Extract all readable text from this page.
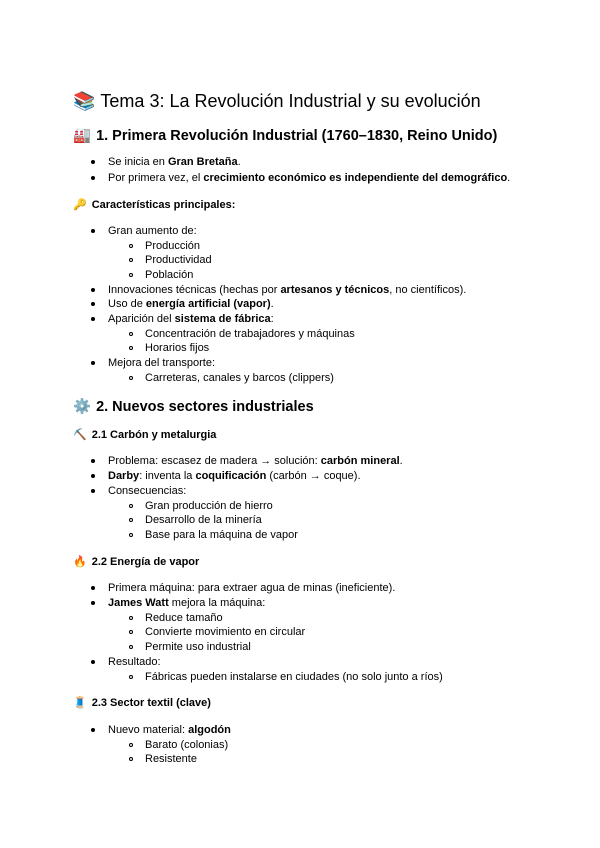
📚 Tema 3: La Revolución Industrial y su evolución
🏭 1. Primera Revolución Industrial (1760–1830, Reino Unido)
Se inicia en Gran Bretaña.
Por primera vez, el crecimiento económico es independiente del demográfico.
🔑 Características principales:
Gran aumento de:
Producción
Productividad
Población
Innovaciones técnicas (hechas por artesanos y técnicos, no científicos).
Uso de energía artificial (vapor).
Aparición del sistema de fábrica:
Concentración de trabajadores y máquinas
Horarios fijos
Mejora del transporte:
Carreteras, canales y barcos (clippers)
⚙️ 2. Nuevos sectores industriales
⛏️ 2.1 Carbón y metalurgia
Problema: escasez de madera → solución: carbón mineral.
Darby: inventa la coquificación (carbón → coque).
Consecuencias:
Gran producción de hierro
Desarrollo de la minería
Base para la máquina de vapor
🔥 2.2 Energía de vapor
Primera máquina: para extraer agua de minas (ineficiente).
James Watt mejora la máquina:
Reduce tamaño
Convierte movimiento en circular
Permite uso industrial
Resultado:
Fábricas pueden instalarse en ciudades (no solo junto a ríos)
🧵 2.3 Sector textil (clave)
Nuevo material: algodón
Barato (colonias)
Resistente
